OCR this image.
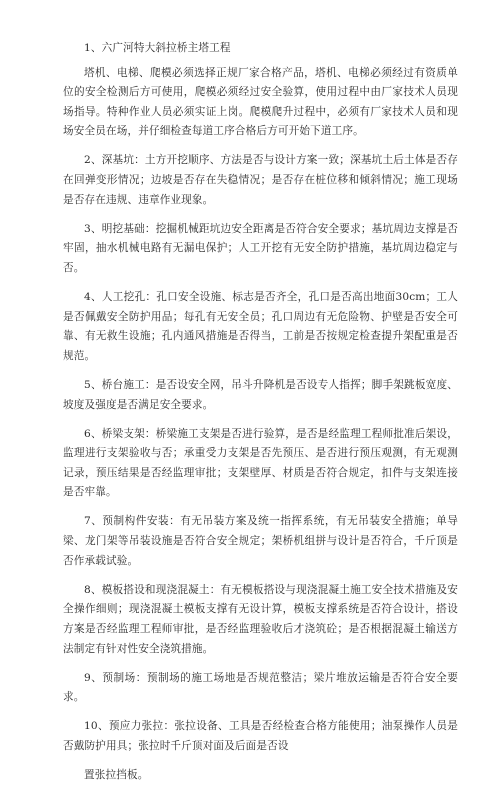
1、六广河特大斜拉桥主塔工程

塔机、电梯、爬模必须选择正规厂家合格产品，塔机、电梯必须经过有资质单位的安全检测后方可使用，爬模必须经过安全验算，使用过程中由厂家技术人员现场指导。特种作业人员必须实证上岗。爬模爬升过程中，必须有厂家技术人员和现场安全员在场，并仔细检查每道工序合格后方可开始下道工序。

2、深基坑：土方开挖顺序、方法是否与设计方案一致；深基坑土后土体是否存在回弹变形情况；边坡是否存在失稳情况；是否存在桩位移和倾斜情况；施工现场是否存在违规、违章作业现象。

3、明挖基础：挖掘机械距坑边安全距离是否符合安全要求；基坑周边支撑是否牢固，抽水机械电路有无漏电保护；人工开挖有无安全防护措施，基坑周边稳定与否。

4、人工挖孔：孔口安全设施、标志是否齐全，孔口是否高出地面30cm；工人是否佩戴安全防护用品；每孔有无安全员；孔口周边有无危险物、护壁是否安全可靠、有无救生设施；孔内通风措施是否得当，工前是否按规定检查提升架配重是否规范。

5、桥台施工：是否设安全网，吊斗升降机是否设专人指挥；脚手架跳板宽度、坡度及强度是否满足安全要求。

6、桥梁支架：桥梁施工支架是否进行验算，是否是经监理工程师批准后架设，监理进行支架验收与否；承重受力支架是否先预压、是否进行预压观测，有无观测记录，预压结果是否经监理审批；支架壁厚、材质是否符合规定，扣件与支架连接是否牢靠。

7、预制构件安装：有无吊装方案及统一指挥系统，有无吊装安全措施；单导梁、龙门架等吊装设施是否符合安全规定；架桥机组拼与设计是否符合，千斤顶是否作承载试验。

8、模板搭设和现浇混凝土：有无模板搭设与现浇混凝土施工安全技术措施及安全操作细则；现浇混凝土模板支撑有无设计算，模板支撑系统是否符合设计，搭设方案是否经监理工程师审批，是否经监理验收后才浇筑砼；是否根据混凝土输送方法制定有针对性安全浇筑措施。

9、预制场：预制场的施工场地是否规范整洁；梁片堆放运输是否符合安全要求。

10、预应力张拉：张拉设备、工具是否经检查合格方能使用；油泵操作人员是否戴防护用具；张拉时千斤顶对面及后面是否设

置张拉挡板。
